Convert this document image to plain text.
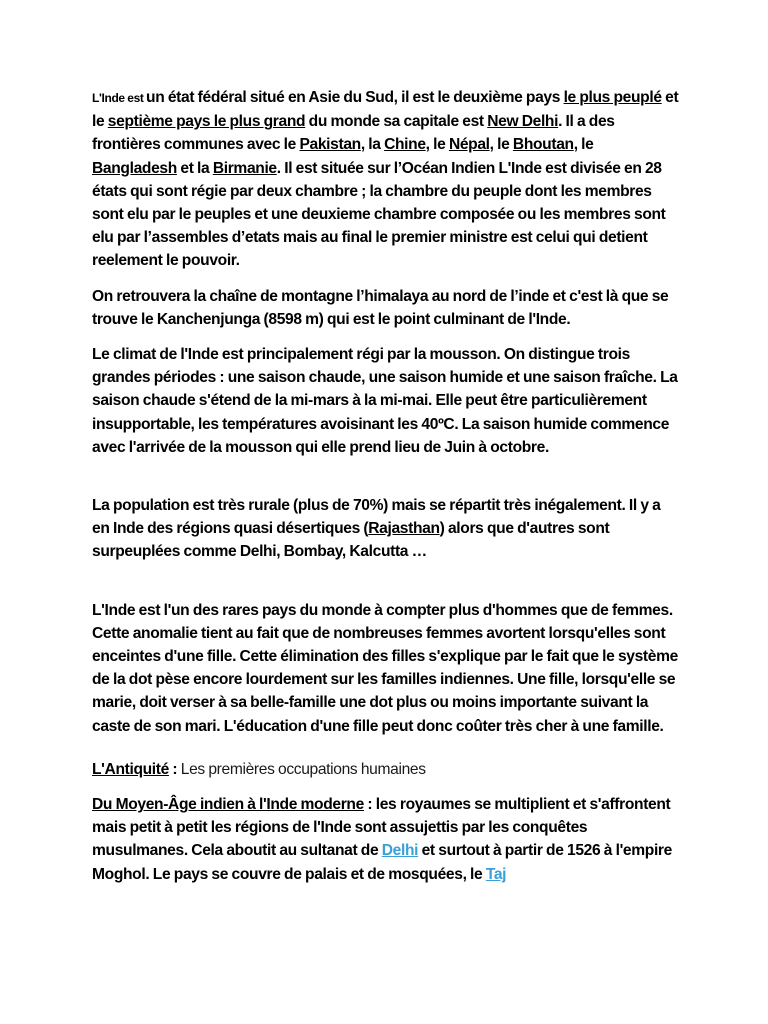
L'Inde est un état fédéral situé en Asie du Sud, il est le deuxième pays le plus peuplé et le septième pays le plus grand du monde sa capitale est New Delhi. Il a des frontières communes avec le Pakistan, la Chine, le Népal, le Bhoutan, le Bangladesh et la Birmanie. Il est située sur l’Océan Indien L'Inde est divisée en 28 états qui sont régie par deux chambre ; la chambre du peuple dont les membres sont elu par le peuples et une deuxieme chambre composée ou les membres sont elu par l’assembles d’etats mais au final le premier ministre est celui qui detient reelement le pouvoir.

On retrouvera la chaîne de montagne l’himalaya au nord de l’inde et c'est là que se trouve le Kanchenjunga (8598 m) qui est le point culminant de l'Inde.

Le climat de l'Inde est principalement régi par la mousson. On distingue trois grandes périodes : une saison chaude, une saison humide et une saison fraîche. La saison chaude s'étend de la mi-mars à la mi-mai. Elle peut être particulièrement insupportable, les températures avoisinant les 40ºC. La saison humide commence avec l'arrivée de la mousson qui elle prend lieu de Juin à octobre.

La population est très rurale (plus de 70%) mais se répartit très inégalement. Il y a en Inde des régions quasi désertiques (Rajasthan) alors que d'autres sont surpeuplées comme Delhi, Bombay, Kalcutta …

L'Inde est l'un des rares pays du monde à compter plus d'hommes que de femmes. Cette anomalie tient au fait que de nombreuses femmes avortent lorsqu'elles sont enceintes d'une fille. Cette élimination des filles s'explique par le fait que le système de la dot pèse encore lourdement sur les familles indiennes. Une fille, lorsqu'elle se marie, doit verser à sa belle-famille une dot plus ou moins importante suivant la caste de son mari. L'éducation d'une fille peut donc coûter très cher à une famille.

L'Antiquité : Les premières occupations humaines

Du Moyen-Âge indien à l'Inde moderne : les royaumes se multiplient et s'affrontent mais petit à petit les régions de l'Inde sont assujettis par les conquêtes musulmanes. Cela aboutit au sultanat de Delhi et surtout à partir de 1526 à l'empire Moghol. Le pays se couvre de palais et de mosquées, le Taj
